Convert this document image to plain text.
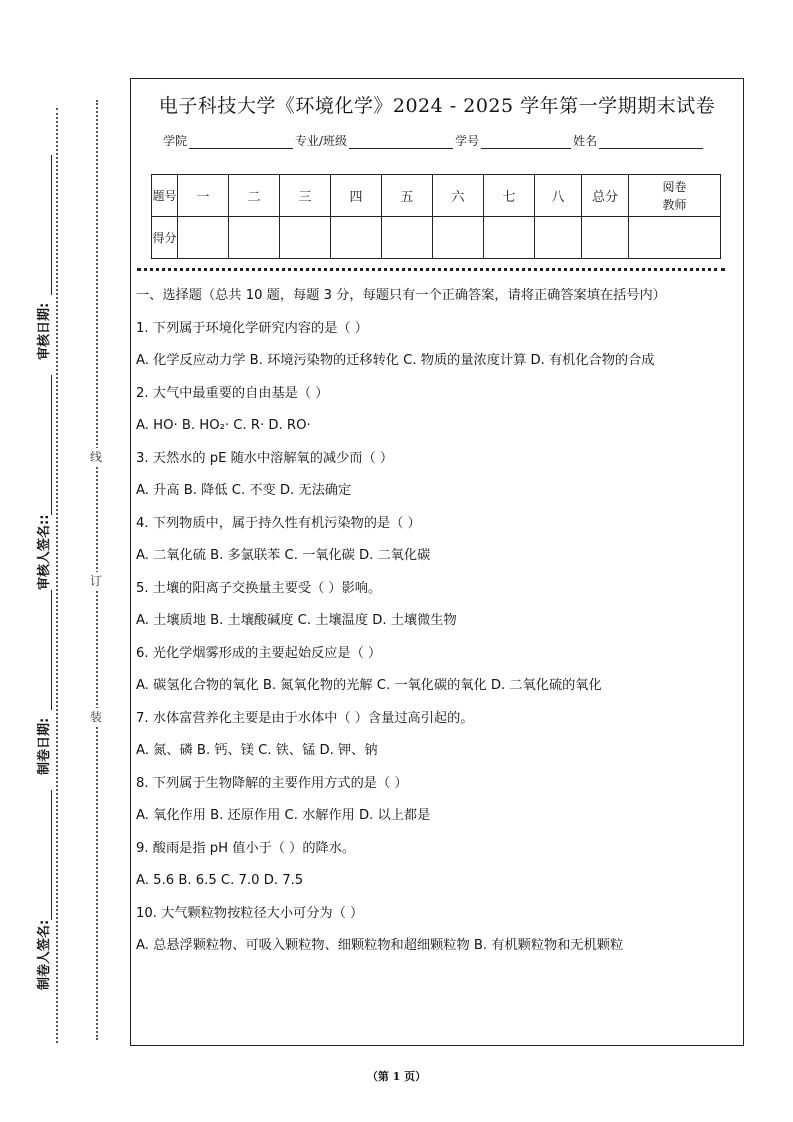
审核日期:
审核人签名::
制卷日期:
制卷人签名:
线
订
装
电子科技大学《环境化学》2024 - 2025 学年第一学期期末试卷
学院	专业/班级	学号	姓名
题号	一	二	三	四	五	六	七	八	总分	阅卷教师
得分										

一、选择题（总共 10 题，每题 3 分，每题只有一个正确答案，请将正确答案填在括号内）

1. 下列属于环境化学研究内容的是（ ）

A. 化学反应动力学 B. 环境污染物的迁移转化 C. 物质的量浓度计算 D. 有机化合物的合成

2. 大气中最重要的自由基是（ ）

A. HO· B. HO₂· C. R· D. RO·

3. 天然水的 pE 随水中溶解氧的减少而（ ）

A. 升高 B. 降低 C. 不变 D. 无法确定

4. 下列物质中，属于持久性有机污染物的是（ ）

A. 二氧化硫 B. 多氯联苯 C. 一氧化碳 D. 二氧化碳

5. 土壤的阳离子交换量主要受（ ）影响。

A. 土壤质地 B. 土壤酸碱度 C. 土壤温度 D. 土壤微生物

6. 光化学烟雾形成的主要起始反应是（ ）

A. 碳氢化合物的氧化 B. 氮氧化物的光解 C. 一氧化碳的氧化 D. 二氧化硫的氧化

7. 水体富营养化主要是由于水体中（ ）含量过高引起的。

A. 氮、磷 B. 钙、镁 C. 铁、锰 D. 钾、钠

8. 下列属于生物降解的主要作用方式的是（ ）

A. 氧化作用 B. 还原作用 C. 水解作用 D. 以上都是

9. 酸雨是指 pH 值小于（ ）的降水。

A. 5.6 B. 6.5 C. 7.0 D. 7.5

10. 大气颗粒物按粒径大小可分为（ ）

A. 总悬浮颗粒物、可吸入颗粒物、细颗粒物和超细颗粒物 B. 有机颗粒物和无机颗粒

（第 1 页）
